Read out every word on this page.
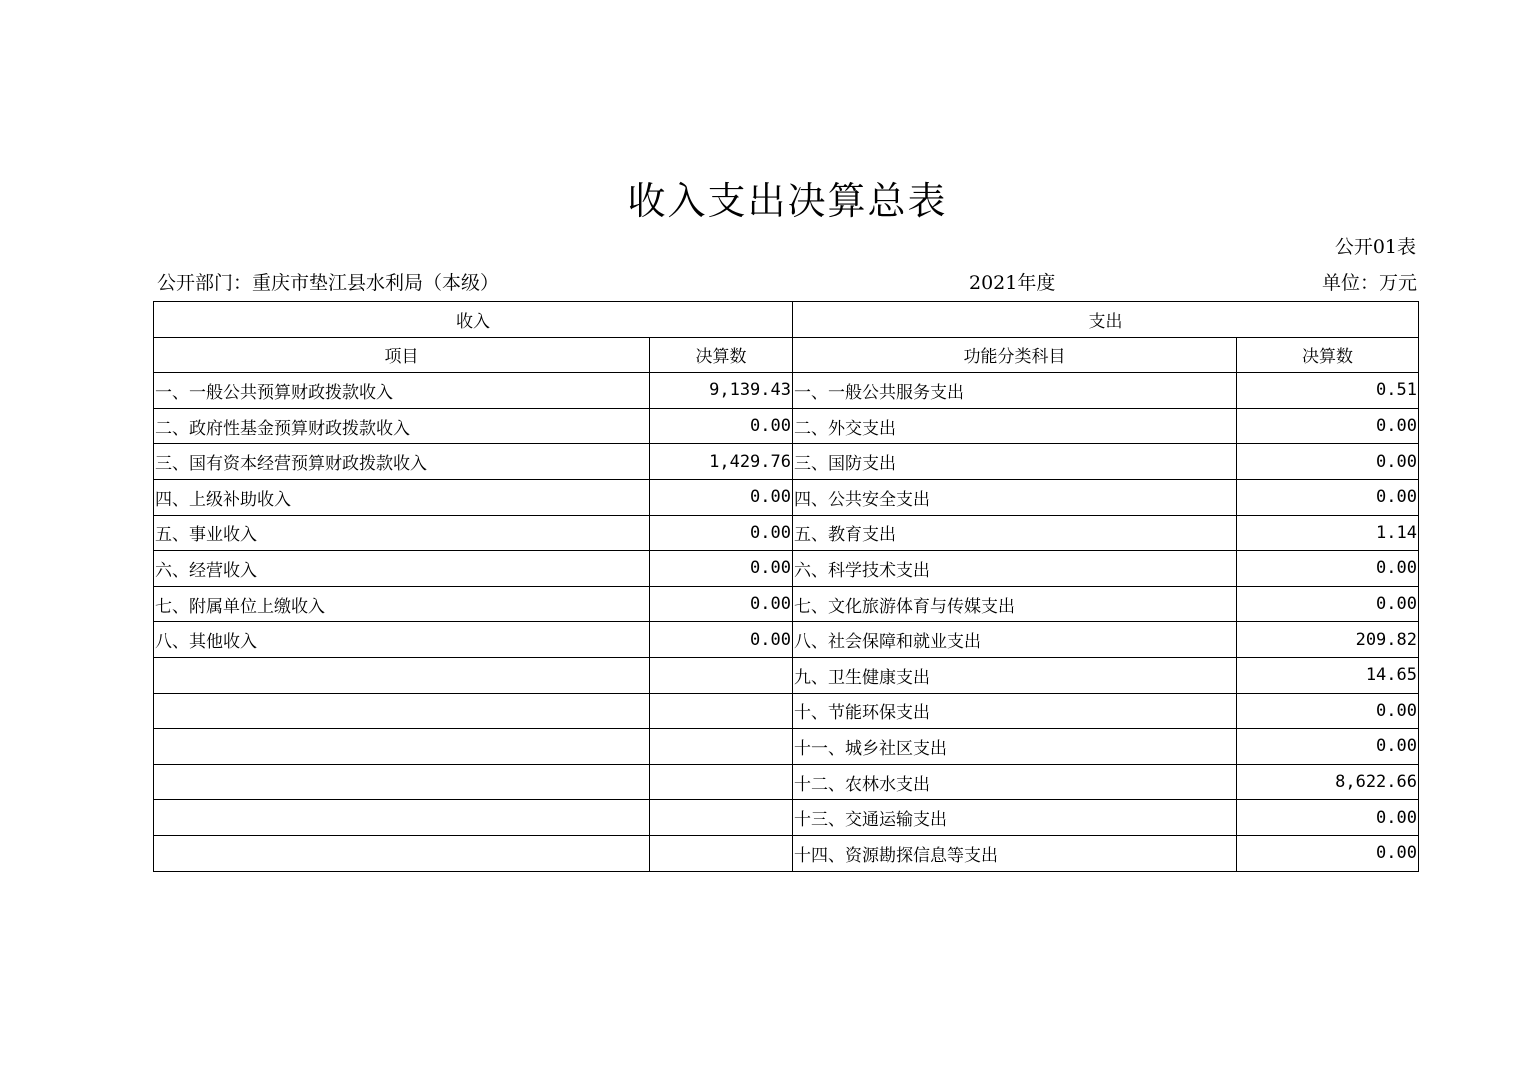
收入支出决算总表
公开01表
公开部门：重庆市垫江县水利局（本级）	2021年度	单位：万元
收入		支出	
项目	决算数	功能分类科目	决算数
一、一般公共预算财政拨款收入	9,139.43	一、一般公共服务支出	0.51
二、政府性基金预算财政拨款收入	0.00	二、外交支出	0.00
三、国有资本经营预算财政拨款收入	1,429.76	三、国防支出	0.00
四、上级补助收入	0.00	四、公共安全支出	0.00
五、事业收入	0.00	五、教育支出	1.14
六、经营收入	0.00	六、科学技术支出	0.00
七、附属单位上缴收入	0.00	七、文化旅游体育与传媒支出	0.00
八、其他收入	0.00	八、社会保障和就业支出	209.82
		九、卫生健康支出	14.65
		十、节能环保支出	0.00
		十一、城乡社区支出	0.00
		十二、农林水支出	8,622.66
		十三、交通运输支出	0.00
		十四、资源勘探信息等支出	0.00
